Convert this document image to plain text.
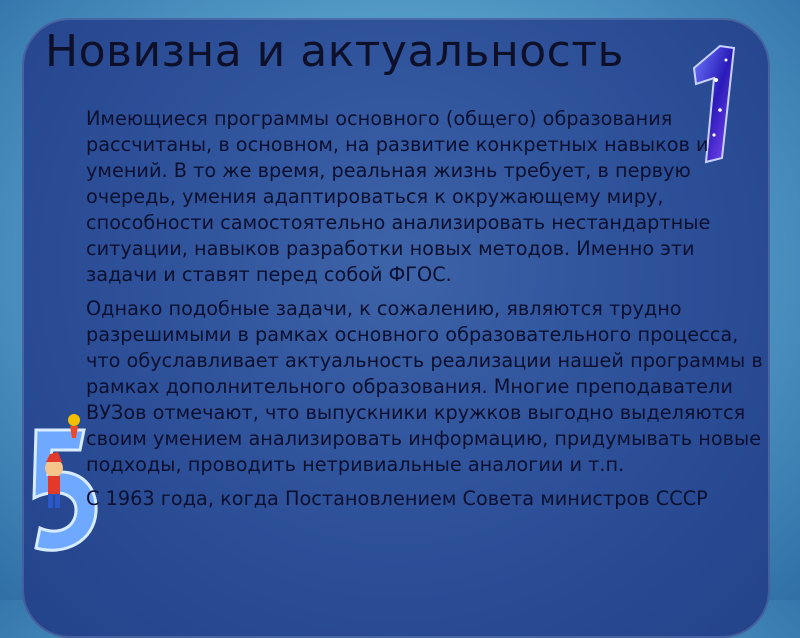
Новизна и актуальность

Имеющиеся программы основного (общего) образования рассчитаны, в основном, на развитие конкретных навыков и умений. В то же время, реальная жизнь требует, в первую очередь, умения адаптироваться к окружающему миру, способности самостоятельно анализировать нестандартные ситуации, навыков разработки новых методов. Именно эти задачи и ставят перед собой ФГОС.

Однако подобные задачи, к сожалению, являются трудно разрешимыми в рамках основного образовательного процесса, что обуславливает актуальность реализации нашей программы в рамках дополнительного образования. Многие преподаватели ВУЗов отмечают, что выпускники кружков выгодно выделяются своим умением анализировать информацию, придумывать новые подходы, проводить нетривиальные аналогии и т.п.

С 1963 года, когда Постановлением Совета министров СССР
